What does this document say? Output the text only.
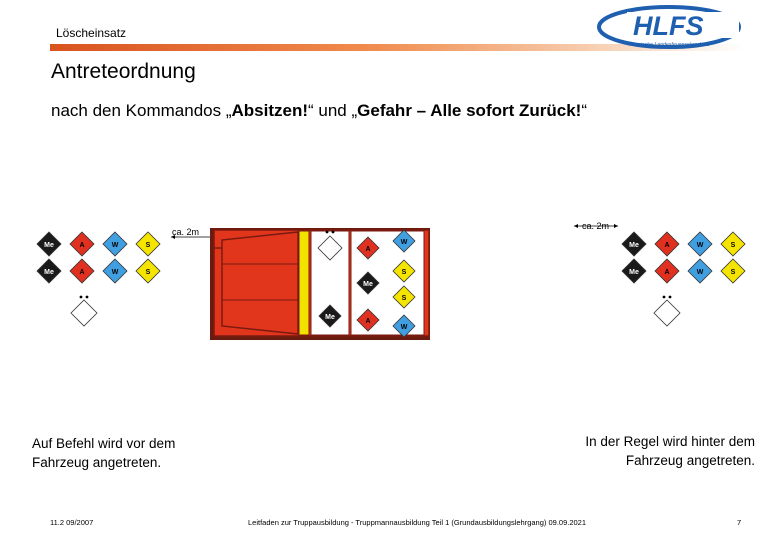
Löscheinsatz	HLFS
Hessische Landesfeuerwehrschule
Antreteordnung
nach den Kommandos „Absitzen!“ und „Gefahr – Alle sofort Zurück!“
ca. 2m
ca. 2m
Me	A	W	S
Me	A	W	S
Me	A	W	S
Me	A	W	S
A
W
S
Me
S
Me
A
W
Sitzordnung der Gruppe in Fahrzeugen mit Gruppenkabine
Auf Befehl wird vor dem Fahrzeug angetreten.
In der Regel wird hinter dem Fahrzeug angetreten.
11.2 09/2007	Leitfaden zur Truppausbildung - Truppmannausbildung Teil 1 (Grundausbildungslehrgang) 09.09.2021	7
